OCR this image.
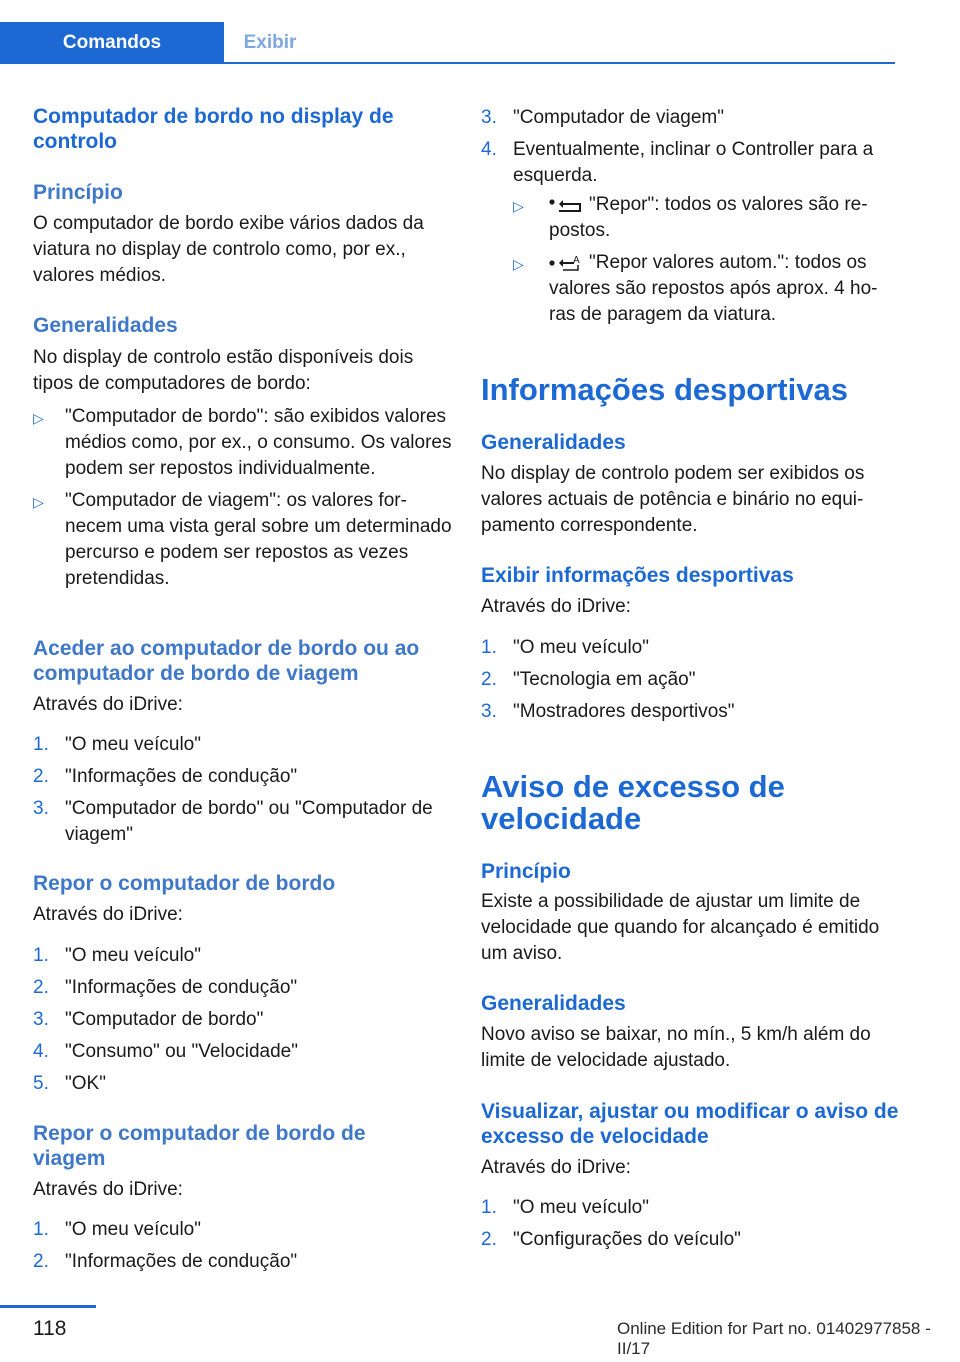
Comandos	Exibir
Computador de bordo no display de controlo
Princípio

O computador de bordo exibe vários dados da viatura no display de controlo como, por ex., valores médios.

Generalidades

No display de controlo estão disponíveis dois tipos de computadores de bordo:

▷ "Computador de bordo": são exibidos valores médios como, por ex., o consumo. Os valores podem ser repostos individualmente.
▷ "Computador de viagem": os valores fornecem uma vista geral sobre um determinado percurso e podem ser repostos as vezes pretendidas.
Aceder ao computador de bordo ou ao computador de bordo de viagem

Através do iDrive:

1. "O meu veículo"
2. "Informações de condução"
3. "Computador de bordo" ou "Computador de viagem"
Repor o computador de bordo

Através do iDrive:

1. "O meu veículo"
2. "Informações de condução"
3. "Computador de bordo"
4. "Consumo" ou "Velocidade"
5. "OK"
Repor o computador de bordo de viagem

Através do iDrive:

1. "O meu veículo"
2. "Informações de condução"
3. "Computador de viagem"
4. Eventualmente, inclinar o Controller para a esquerda.
▷	"Repor": todos os valores são repostos.
▷	A "Repor valores autom.": todos os valores são repostos após aprox. 4 horas de paragem da viatura.
Informações desportivas
Generalidades

No display de controlo podem ser exibidos os valores actuais de potência e binário no equipamento correspondente.

Exibir informações desportivas

Através do iDrive:

1. "O meu veículo"
2. "Tecnologia em ação"
3. "Mostradores desportivos"
Aviso de excesso de velocidade
Princípio

Existe a possibilidade de ajustar um limite de velocidade que quando for alcançado é emitido um aviso.

Generalidades

Novo aviso se baixar, no mín., 5 km/h além do limite de velocidade ajustado.

Visualizar, ajustar ou modificar o aviso de excesso de velocidade

Através do iDrive:

1. "O meu veículo"
2. "Configurações do veículo"
118	Online Edition for Part no. 01402977858 - II/17
